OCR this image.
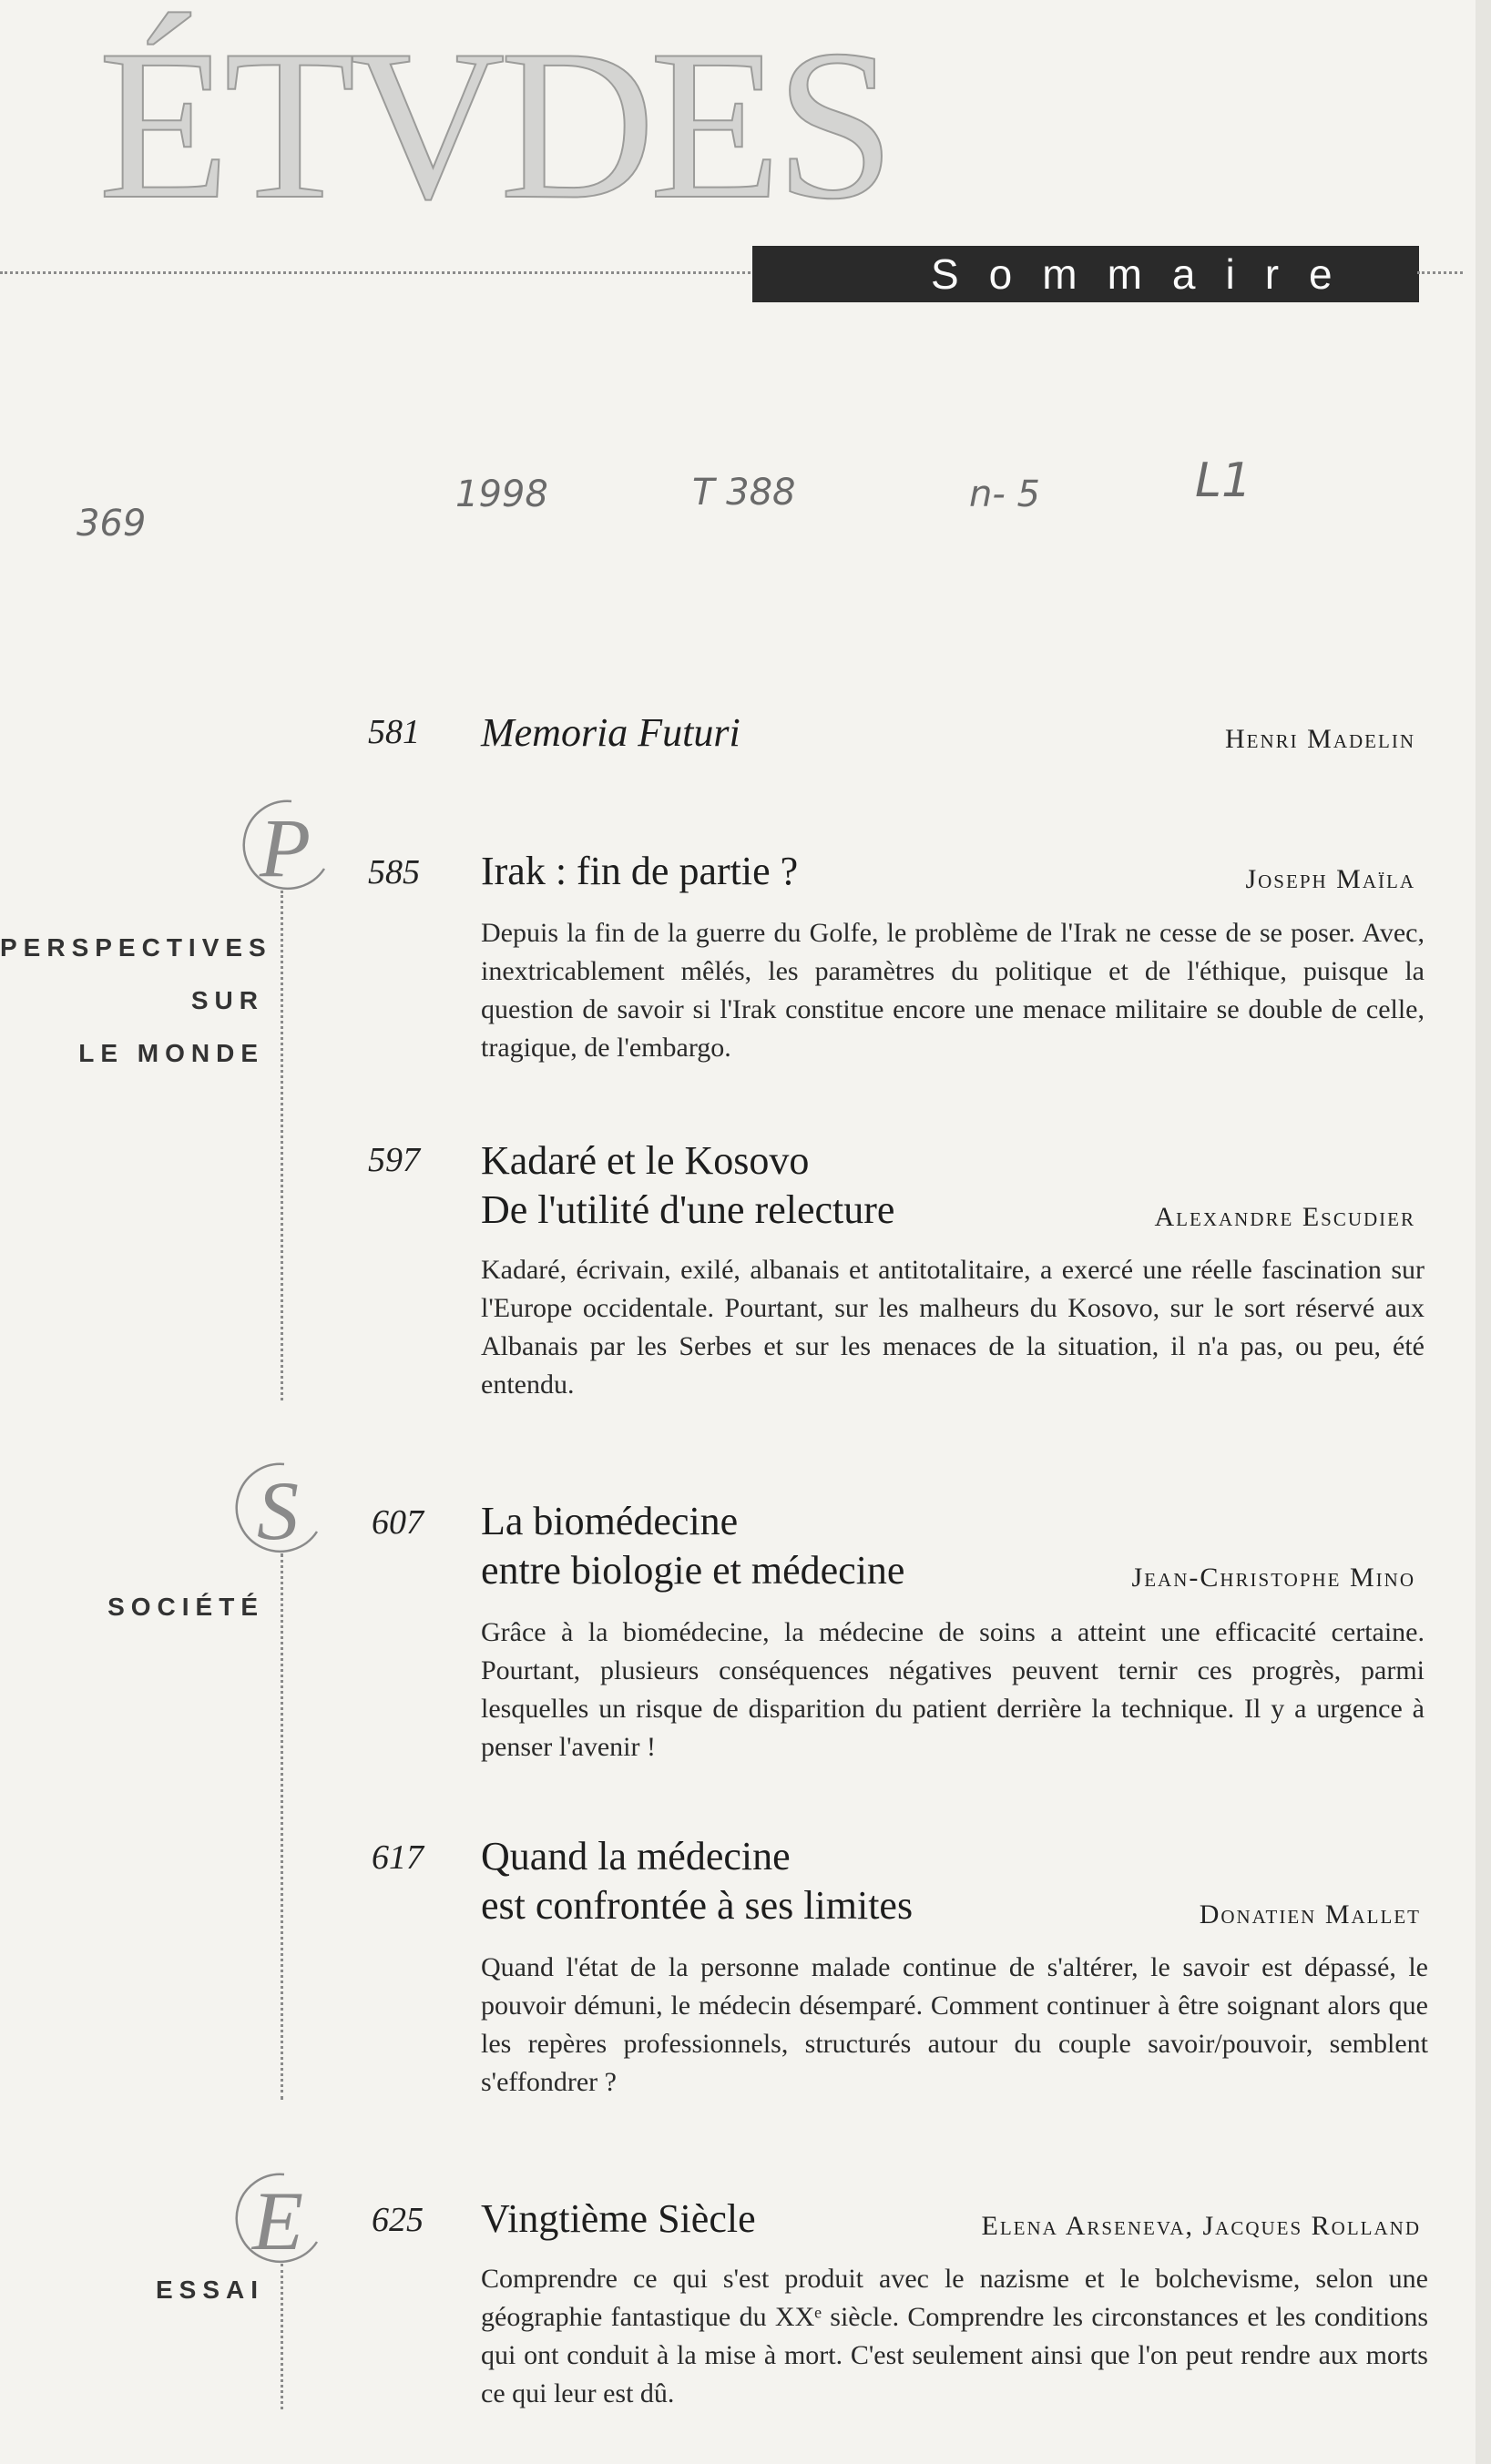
ÉTVDES
Sommaire
369
1998	T 388	n- 5	L1
P
PERSPECTIVES
SUR
LE MONDE
S
SOCIÉTÉ
E
ESSAI
581 Memoria Futuri	Henri Madelin
585 Irak : fin de partie ?	Joseph Maïla
Depuis la fin de la guerre du Golfe, le problème de l'Irak ne cesse de se poser. Avec, inextricablement mêlés, les paramètres du politique et de l'éthique, puisque la question de savoir si l'Irak constitue encore une menace militaire se double de celle, tragique, de l'embargo.
597 Kadaré et le Kosovo
De l'utilité d'une relecture	Alexandre Escudier
Kadaré, écrivain, exilé, albanais et antitotalitaire, a exercé une réelle fascination sur l'Europe occidentale. Pourtant, sur les malheurs du Kosovo, sur le sort réservé aux Albanais par les Serbes et sur les menaces de la situation, il n'a pas, ou peu, été entendu.
607 La biomédecine
entre biologie et médecine	Jean-Christophe Mino
Grâce à la biomédecine, la médecine de soins a atteint une efficacité certaine. Pourtant, plusieurs conséquences négatives peuvent ternir ces progrès, parmi lesquelles un risque de disparition du patient derrière la technique. Il y a urgence à penser l'avenir !
617 Quand la médecine
est confrontée à ses limites	Donatien Mallet
Quand l'état de la personne malade continue de s'altérer, le savoir est dépassé, le pouvoir démuni, le médecin désemparé. Comment continuer à être soignant alors que les repères professionnels, structurés autour du couple savoir/pouvoir, semblent s'effondrer ?
625 Vingtième Siècle	Elena Arseneva, Jacques Rolland
Comprendre ce qui s'est produit avec le nazisme et le bolchevisme, selon une géographie fantastique du XXᵉ siècle. Comprendre les circonstances et les conditions qui ont conduit à la mise à mort. C'est seulement ainsi que l'on peut rendre aux morts ce qui leur est dû.
